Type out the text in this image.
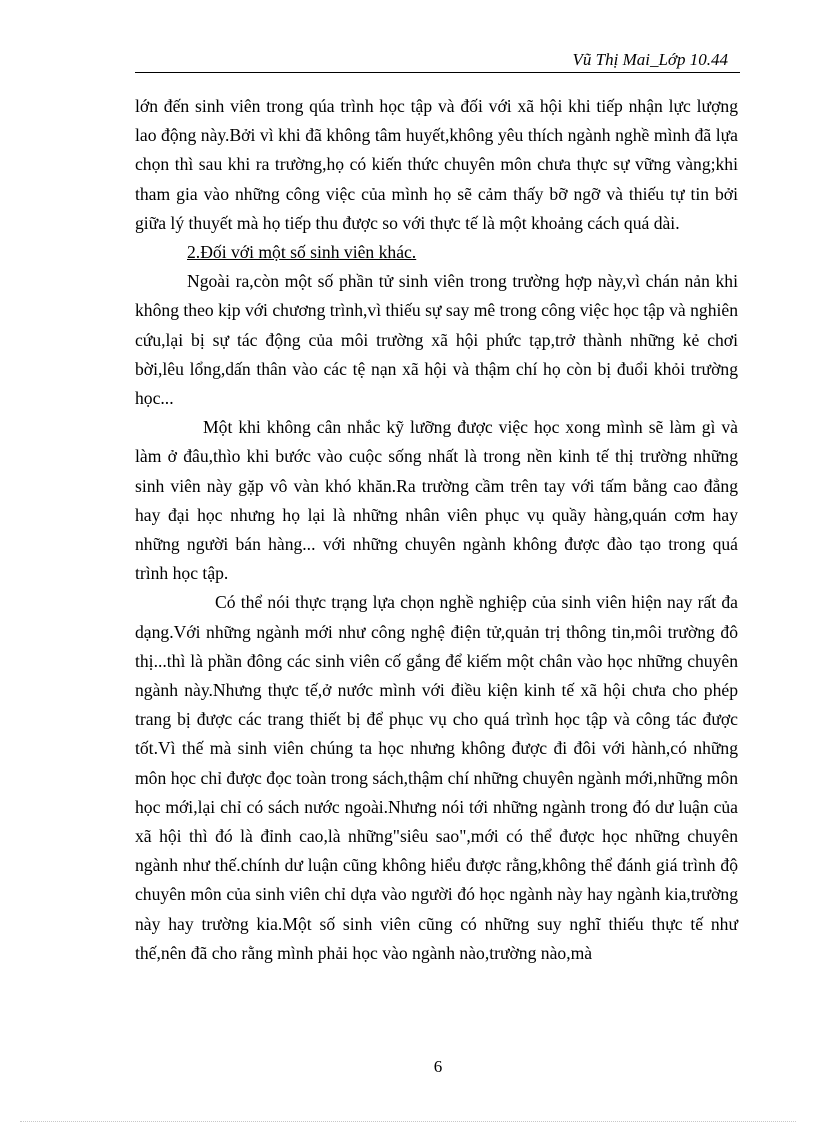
Vũ Thị Mai_Lớp 10.44

lớn đến sinh viên trong qúa trình học tập và đối với xã hội khi tiếp nhận lực lượng lao động này.Bởi vì khi đã không tâm huyết,không yêu thích ngành nghề mình đã lựa chọn thì sau khi ra trường,họ có kiến thức chuyên môn chưa thực sự vững vàng;khi tham gia vào những công việc của mình họ sẽ cảm thấy bỡ ngỡ và thiếu tự tin bởi giữa lý thuyết mà họ tiếp thu được so với thực tế là một khoảng cách quá dài.

2.Đối với một số sinh viên khác.

Ngoài ra,còn một số phần tử sinh viên trong trường hợp này,vì chán nản khi không theo kịp với chương trình,vì thiếu sự say mê trong công việc học tập và nghiên cứu,lại bị sự tác động của môi trường xã hội phức tạp,trở thành những kẻ chơi bời,lêu lổng,dấn thân vào các tệ nạn xã hội và thậm chí họ còn bị đuổi khỏi trường học...

Một khi không cân nhắc kỹ lưỡng được việc học xong mình sẽ làm gì và làm ở đâu,thìo khi bước vào cuộc sống nhất là trong nền kinh tế thị trường những sinh viên này gặp vô vàn khó khăn.Ra trường cầm trên tay với tấm bằng cao đẳng hay đại học nhưng họ lại là những nhân viên phục vụ quầy hàng,quán cơm hay những người bán hàng... với những chuyên ngành không được đào tạo trong quá trình học tập.

Có thể nói thực trạng lựa chọn nghề nghiệp của sinh viên hiện nay rất đa dạng.Với những ngành mới như công nghệ điện tử,quản trị thông tin,môi trường đô thị...thì là phần đông các sinh viên cố gắng để kiếm một chân vào học những chuyên ngành này.Nhưng thực tế,ở nước mình với điều kiện kinh tế xã hội chưa cho phép trang bị được các trang thiết bị để phục vụ cho quá trình học tập và công tác được tốt.Vì thế mà sinh viên chúng ta học nhưng không được đi đôi với hành,có những môn học chỉ được đọc toàn trong sách,thậm chí những chuyên ngành mới,những môn học mới,lại chỉ có sách nước ngoài.Nhưng nói tới những ngành trong đó dư luận của xã hội thì đó là đỉnh cao,là những"siêu sao",mới có thể được học những chuyên ngành như thế.chính dư luận cũng không hiểu được rằng,không thể đánh giá trình độ chuyên môn của sinh viên chỉ dựa vào người đó học ngành này hay ngành kia,trường này hay trường kia.Một số sinh viên cũng có những suy nghĩ thiếu thực tế như thế,nên đã cho rằng mình phải học vào ngành nào,trường nào,mà

6
